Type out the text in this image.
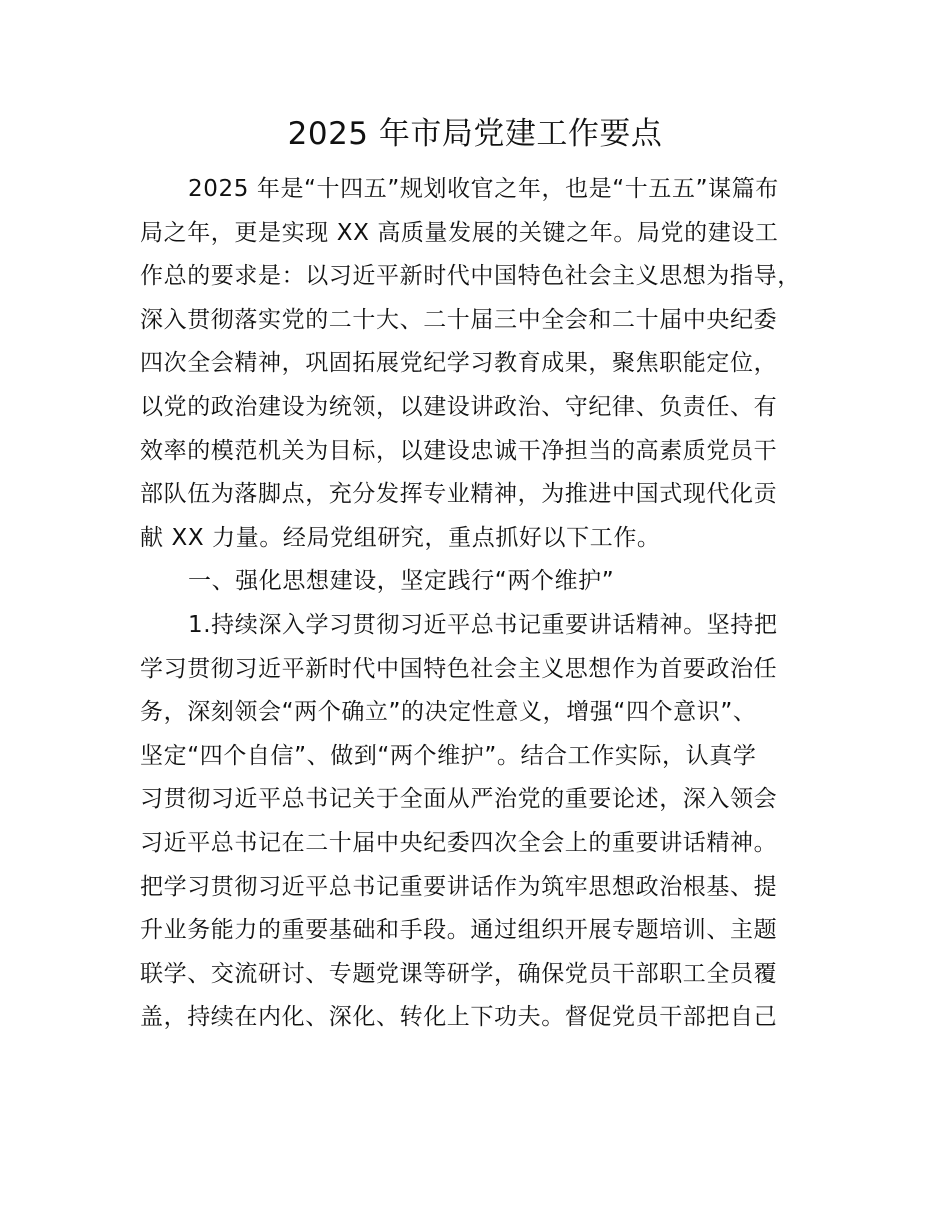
2025 年市局党建工作要点
2025 年是“十四五”规划收官之年，也是“十五五”谋篇布
局之年，更是实现 XX 高质量发展的关键之年。局党的建设工
作总的要求是：以习近平新时代中国特色社会主义思想为指导，
深入贯彻落实党的二十大、二十届三中全会和二十届中央纪委
四次全会精神，巩固拓展党纪学习教育成果，聚焦职能定位，
以党的政治建设为统领，以建设讲政治、守纪律、负责任、有
效率的模范机关为目标，以建设忠诚干净担当的高素质党员干
部队伍为落脚点，充分发挥专业精神，为推进中国式现代化贡
献 XX 力量。经局党组研究，重点抓好以下工作。
一、强化思想建设，坚定践行“两个维护”
1.持续深入学习贯彻习近平总书记重要讲话精神。坚持把
学习贯彻习近平新时代中国特色社会主义思想作为首要政治任
务，深刻领会“两个确立”的决定性意义，增强“四个意识”、
坚定“四个自信”、做到“两个维护”。结合工作实际，认真学
习贯彻习近平总书记关于全面从严治党的重要论述，深入领会
习近平总书记在二十届中央纪委四次全会上的重要讲话精神。
把学习贯彻习近平总书记重要讲话作为筑牢思想政治根基、提
升业务能力的重要基础和手段。通过组织开展专题培训、主题
联学、交流研讨、专题党课等研学，确保党员干部职工全员覆
盖，持续在内化、深化、转化上下功夫。督促党员干部把自己
